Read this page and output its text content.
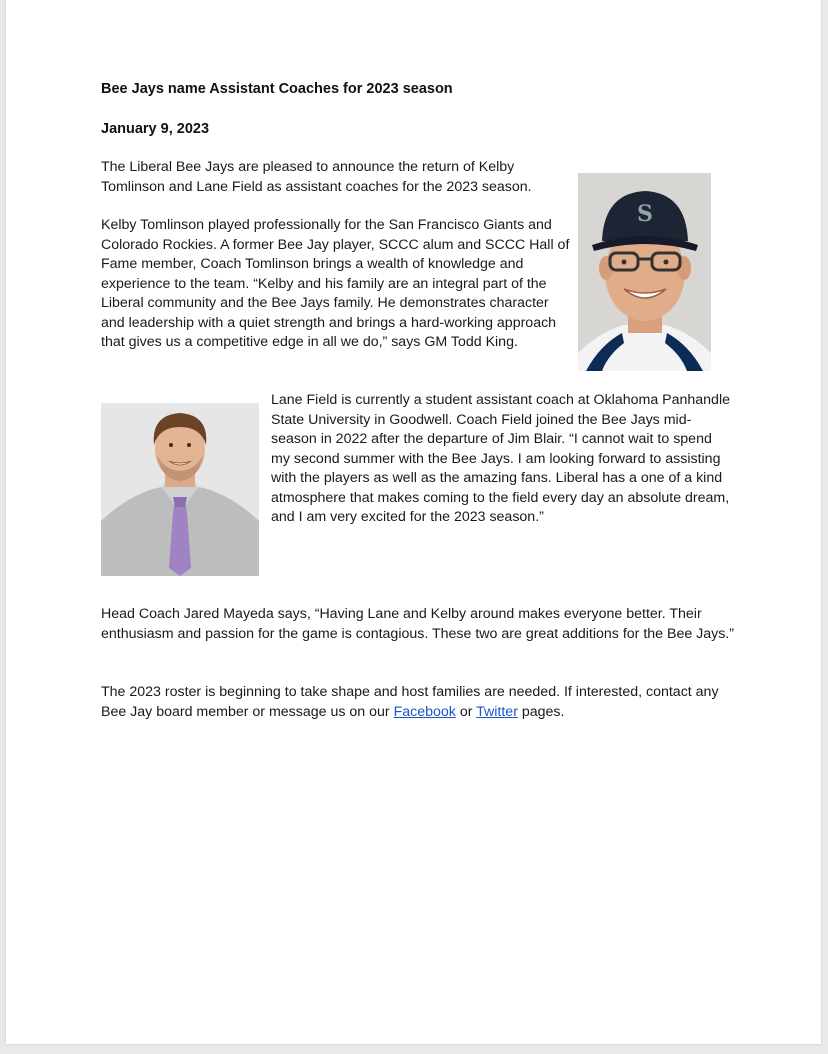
Bee Jays name Assistant Coaches for 2023 season
January 9, 2023
The Liberal Bee Jays are pleased to announce the return of Kelby Tomlinson and Lane Field as assistant coaches for the 2023 season.
Kelby Tomlinson played professionally for the San Francisco Giants and Colorado Rockies. A former Bee Jay player, SCCC alum and SCCC Hall of Fame member, Coach Tomlinson brings a wealth of knowledge and experience to the team. “Kelby and his family are an integral part of the Liberal community and the Bee Jays family. He demonstrates character and leadership with a quiet strength and brings a hard-working approach that gives us a competitive edge in all we do,” says GM Todd King.
Lane Field is currently a student assistant coach at Oklahoma Panhandle State University in Goodwell. Coach Field joined the Bee Jays mid-season in 2022 after the departure of Jim Blair. “I cannot wait to spend my second summer with the Bee Jays. I am looking forward to assisting with the players as well as the amazing fans. Liberal has a one of a kind atmosphere that makes coming to the field every day an absolute dream, and I am very excited for the 2023 season.”
Head Coach Jared Mayeda says, “Having Lane and Kelby around makes everyone better. Their enthusiasm and passion for the game is contagious. These two are great additions for the Bee Jays.”
The 2023 roster is beginning to take shape and host families are needed. If interested, contact any Bee Jay board member or message us on our Facebook or Twitter pages.
S
